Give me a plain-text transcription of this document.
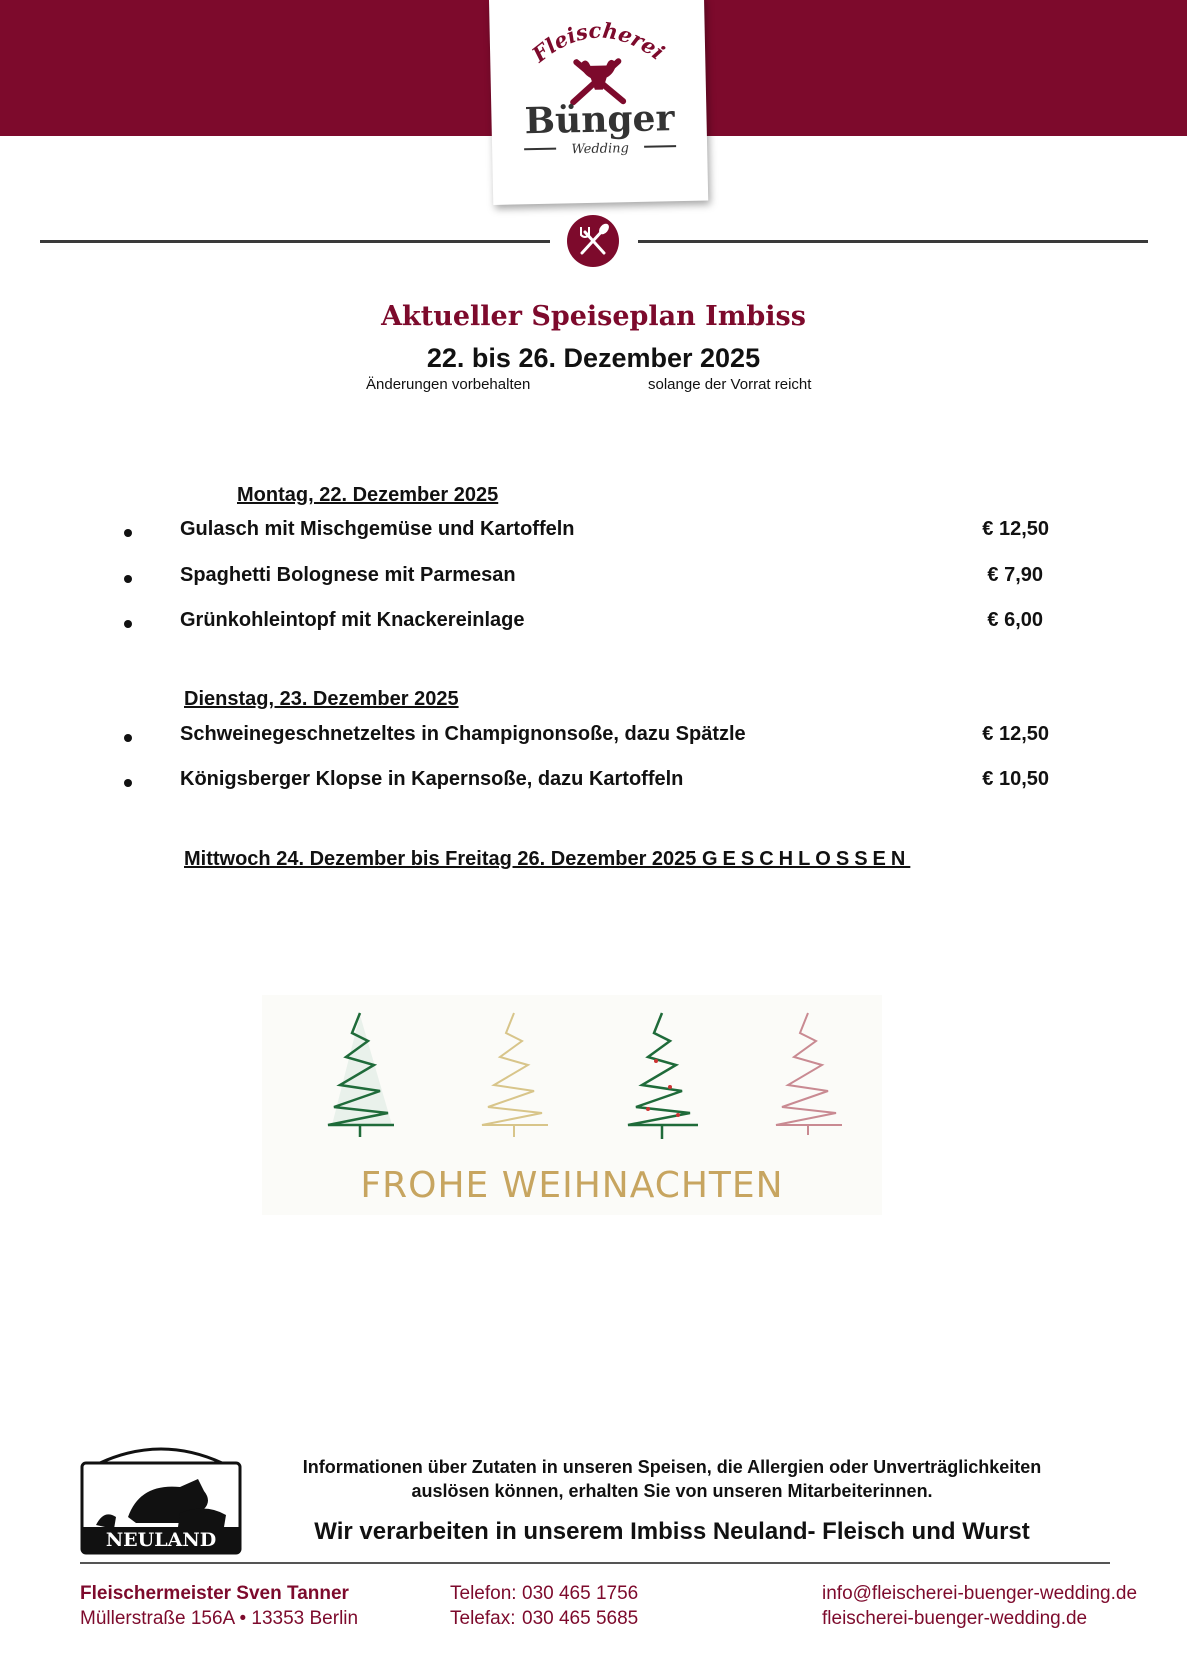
Fleischerei
Bünger
Wedding
Aktueller Speiseplan Imbiss
22. bis 26. Dezember 2025
Änderungen vorbehalten	solange der Vorrat reicht
Montag, 22. Dezember 2025
Gulasch mit Mischgemüse und Kartoffeln	€ 12,50
Spaghetti Bolognese mit Parmesan	€ 7,90
Grünkohleintopf mit Knackereinlage	€ 6,00
Dienstag, 23. Dezember 2025
Schweinegeschnetzeltes in Champignonsoße, dazu Spätzle	€ 12,50
Königsberger Klopse in Kapernsoße, dazu Kartoffeln	€ 10,50
Mittwoch 24. Dezember bis Freitag 26. Dezember 2025 GESCHLOSSEN
FROHE WEIHNACHTEN
NEULAND
Informationen über Zutaten in unseren Speisen, die Allergien oder Unverträglichkeiten
auslösen können, erhalten Sie von unseren Mitarbeiterinnen.
Wir verarbeiten in unserem Imbiss Neuland- Fleisch und Wurst
Fleischermeister Sven Tanner
Müllerstraße 156A • 13353 Berlin
Telefon: 030 465 1756
Telefax: 030 465 5685
info@fleischerei-buenger-wedding.de
fleischerei-buenger-wedding.de
